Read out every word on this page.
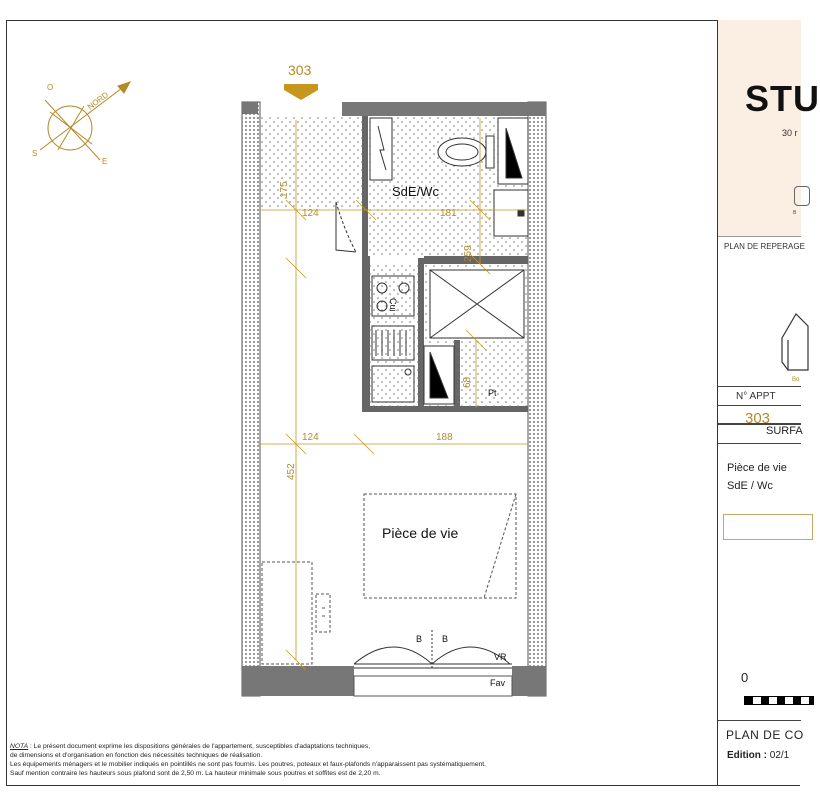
NORD
O
S
E
303
SdE/Wc
Cui
Pt
Pièce de vie
B B
VR
Fav
175
124	181
259
68
124	188
452
STU
30 r
B
PLAN DE REPERAGE
Bo
N° APPT
303
SURFA
Pièce de vie
SdE / Wc
0
PLAN DE CO
Edition : 02/1
NOTA : Le présent document exprime les dispositions générales de l'appartement, susceptibles d'adaptations techniques,
de dimensions et d'organisation en fonction des nécessités techniques de réalisation.
Les équipements ménagers et le mobilier indiqués en pointillés ne sont pas fournis. Les poutres, poteaux et faux-plafonds n'apparaissent pas systématiquement.
Sauf mention contraire les hauteurs sous plafond sont de 2,50 m. La hauteur minimale sous poutres et soffites est de 2,20 m.
